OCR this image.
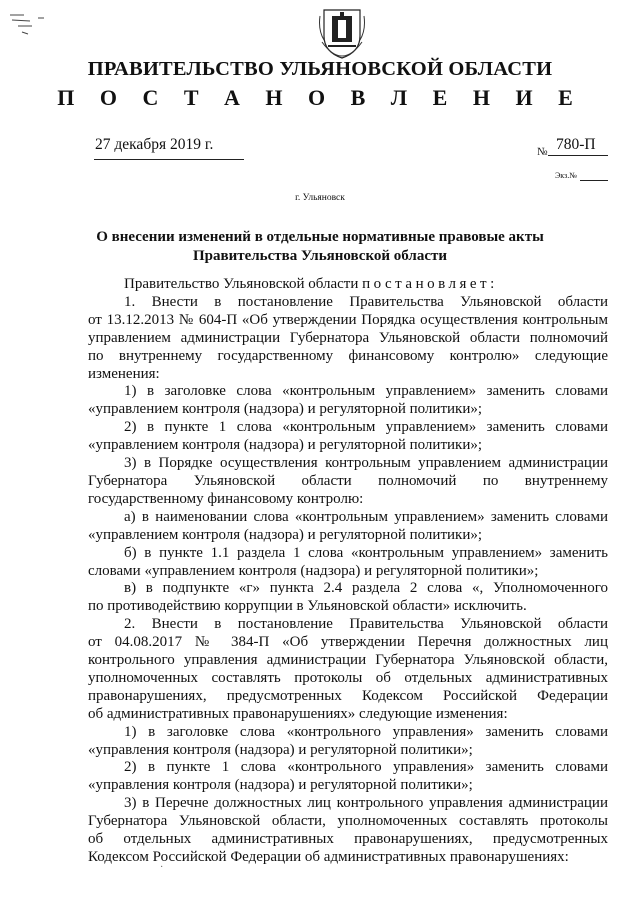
ПРАВИТЕЛЬСТВО УЛЬЯНОВСКОЙ ОБЛАСТИ
П О С Т А Н О В Л Е Н И Е
27 декабря 2019 г.	№ 780-П
Экз.№
г. Ульяновск
О внесении изменений в отдельные нормативные правовые акты
Правительства Ульяновской области

Правительство Ульяновской области постановляет:

1. Внести в постановление Правительства Ульяновской области
от 13.12.2013 № 604-П «Об утверждении Порядка осуществления контрольным
управлением администрации Губернатора Ульяновской области полномочий
по внутреннему государственному финансовому контролю» следующие
изменения:

1) в заголовке слова «контрольным управлением» заменить словами
«управлением контроля (надзора) и регуляторной политики»;

2) в пункте 1 слова «контрольным управлением» заменить словами
«управлением контроля (надзора) и регуляторной политики»;

3) в Порядке осуществления контрольным управлением администрации
Губернатора Ульяновской области полномочий по внутреннему
государственному финансовому контролю:

а) в наименовании слова «контрольным управлением» заменить словами
«управлением контроля (надзора) и регуляторной политики»;

б) в пункте 1.1 раздела 1 слова «контрольным управлением» заменить
словами «управлением контроля (надзора) и регуляторной политики»;

в) в подпункте «г» пункта 2.4 раздела 2 слова «, Уполномоченного
по противодействию коррупции в Ульяновской области» исключить.

2. Внести в постановление Правительства Ульяновской области
от 04.08.2017 № 384-П «Об утверждении Перечня должностных лиц
контрольного управления администрации Губернатора Ульяновской области,
уполномоченных составлять протоколы об отдельных административных
правонарушениях, предусмотренных Кодексом Российской Федерации
об административных правонарушениях» следующие изменения:

1) в заголовке слова «контрольного управления» заменить словами
«управления контроля (надзора) и регуляторной политики»;

2) в пункте 1 слова «контрольного управления» заменить словами
«управления контроля (надзора) и регуляторной политики»;

3) в Перечне должностных лиц контрольного управления администрации
Губернатора Ульяновской области, уполномоченных составлять протоколы
об отдельных административных правонарушениях, предусмотренных
Кодексом Российской Федерации об административных правонарушениях:

·
